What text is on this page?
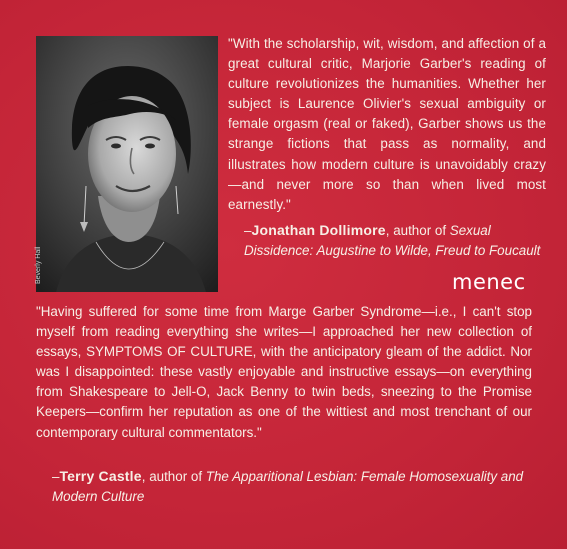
Beverly Hall
"With the scholarship, wit, wisdom, and affection of a great cultural critic, Marjorie Garber's reading of culture revolutionizes the humanities. Whether her subject is Laurence Olivier's sexual ambiguity or female orgasm (real or faked), Garber shows us the strange fictions that pass as normality, and illustrates how modern culture is unavoidably crazy—and never more so than when lived most earnestly."
–Jonathan Dollimore, author of Sexual Dissidence: Augustine to Wilde, Freud to Foucault
menec
"Having suffered for some time from Marge Garber Syndrome—i.e., I can't stop myself from reading everything she writes—I approached her new collection of essays, SYMPTOMS OF CULTURE, with the anticipatory gleam of the addict. Nor was I disappointed: these vastly enjoyable and instructive essays—on everything from Shakespeare to Jell-O, Jack Benny to twin beds, sneezing to the Promise Keepers—confirm her reputation as one of the wittiest and most trenchant of our contemporary cultural commentators."
–Terry Castle, author of The Apparitional Lesbian: Female Homosexuality and Modern Culture
